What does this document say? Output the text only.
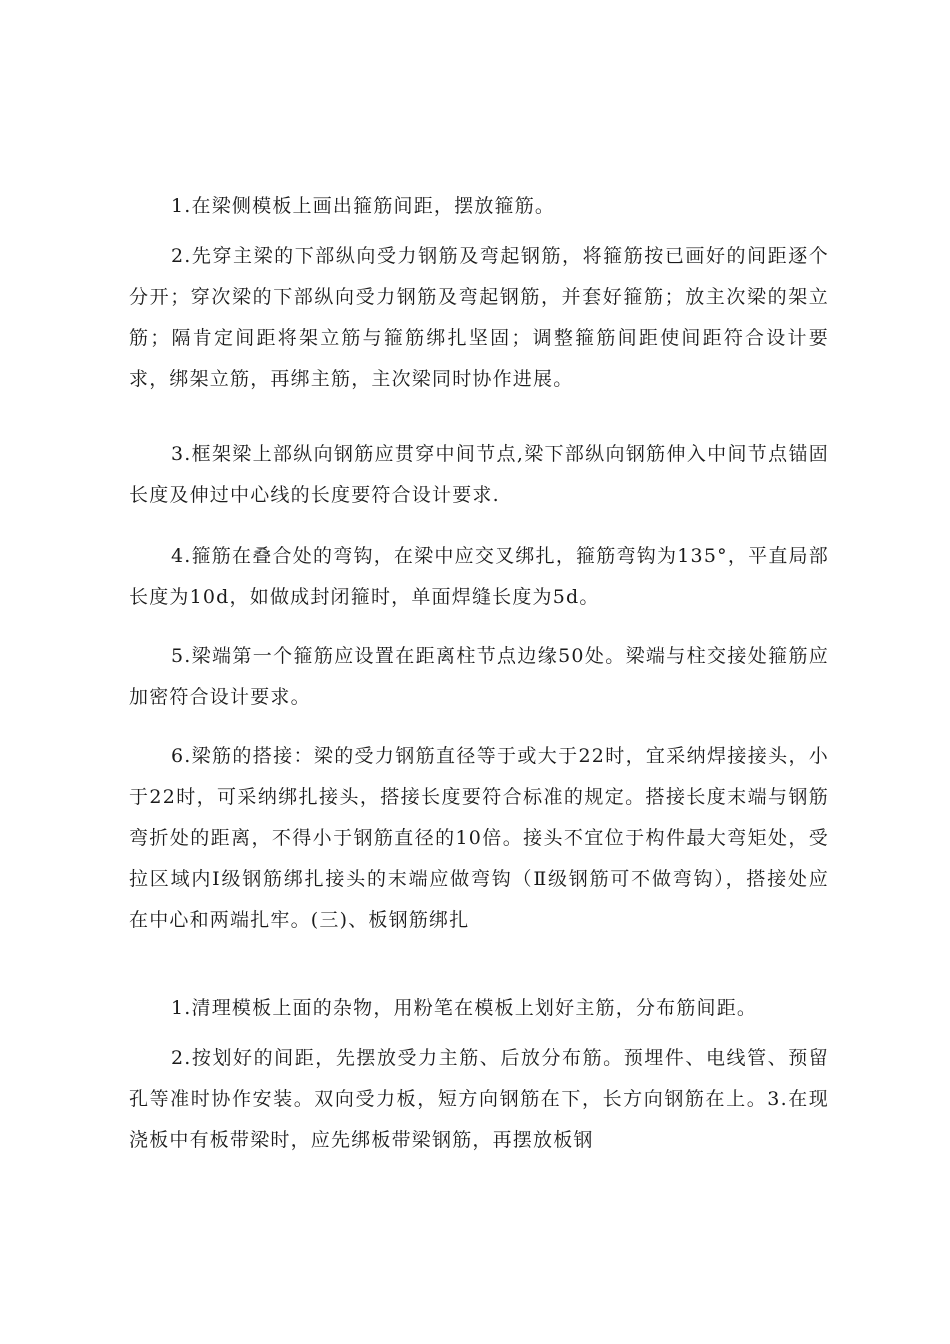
1.在梁侧模板上画出箍筋间距，摆放箍筋。

2.先穿主梁的下部纵向受力钢筋及弯起钢筋，将箍筋按已画好的间距逐个分开；穿次梁的下部纵向受力钢筋及弯起钢筋，并套好箍筋；放主次梁的架立筋；隔肯定间距将架立筋与箍筋绑扎坚固；调整箍筋间距使间距符合设计要求，绑架立筋，再绑主筋，主次梁同时协作进展。

3.框架梁上部纵向钢筋应贯穿中间节点,梁下部纵向钢筋伸入中间节点锚固长度及伸过中心线的长度要符合设计要求.

4.箍筋在叠合处的弯钩，在梁中应交叉绑扎，箍筋弯钩为135°，平直局部长度为10d，如做成封闭箍时，单面焊缝长度为5d。

5.梁端第一个箍筋应设置在距离柱节点边缘50处。梁端与柱交接处箍筋应加密符合设计要求。

6.梁筋的搭接：梁的受力钢筋直径等于或大于22时，宜采纳焊接接头，小于22时，可采纳绑扎接头，搭接长度要符合标准的规定。搭接长度末端与钢筋弯折处的距离，不得小于钢筋直径的10倍。接头不宜位于构件最大弯矩处，受拉区域内Ⅰ级钢筋绑扎接头的末端应做弯钩（Ⅱ级钢筋可不做弯钩），搭接处应在中心和两端扎牢。(三)、板钢筋绑扎

1.清理模板上面的杂物，用粉笔在模板上划好主筋，分布筋间距。

2.按划好的间距，先摆放受力主筋、后放分布筋。预埋件、电线管、预留孔等准时协作安装。双向受力板，短方向钢筋在下，长方向钢筋在上。3.在现浇板中有板带梁时，应先绑板带梁钢筋，再摆放板钢
